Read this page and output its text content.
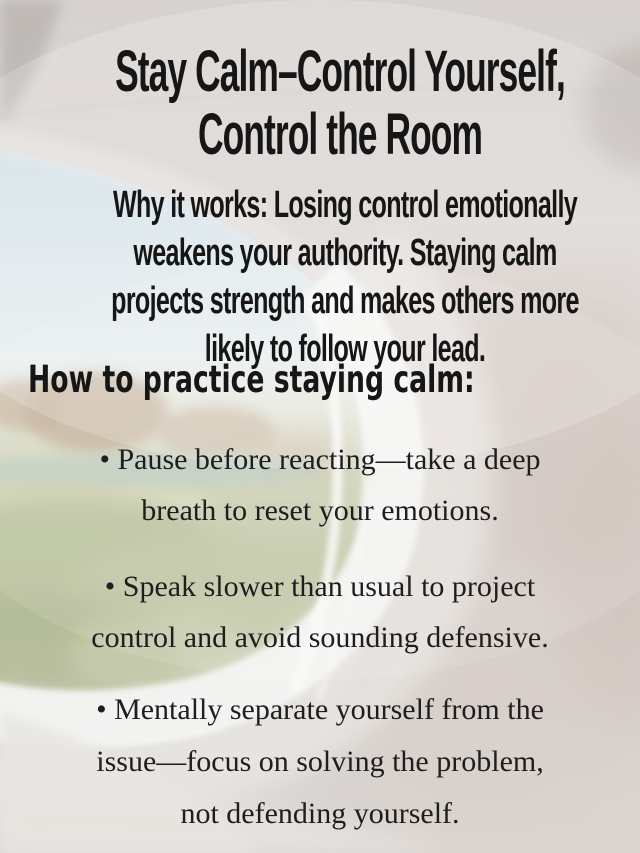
Stay Calm–Control Yourself,
Control the Room

Why it works: Losing control emotionally
weakens your authority. Staying calm
projects strength and makes others more
likely to follow your lead.

How to practice staying calm:

• Pause before reacting—take a deep
breath to reset your emotions.

• Speak slower than usual to project
control and avoid sounding defensive.

• Mentally separate yourself from the
issue—focus on solving the problem,
not defending yourself.
